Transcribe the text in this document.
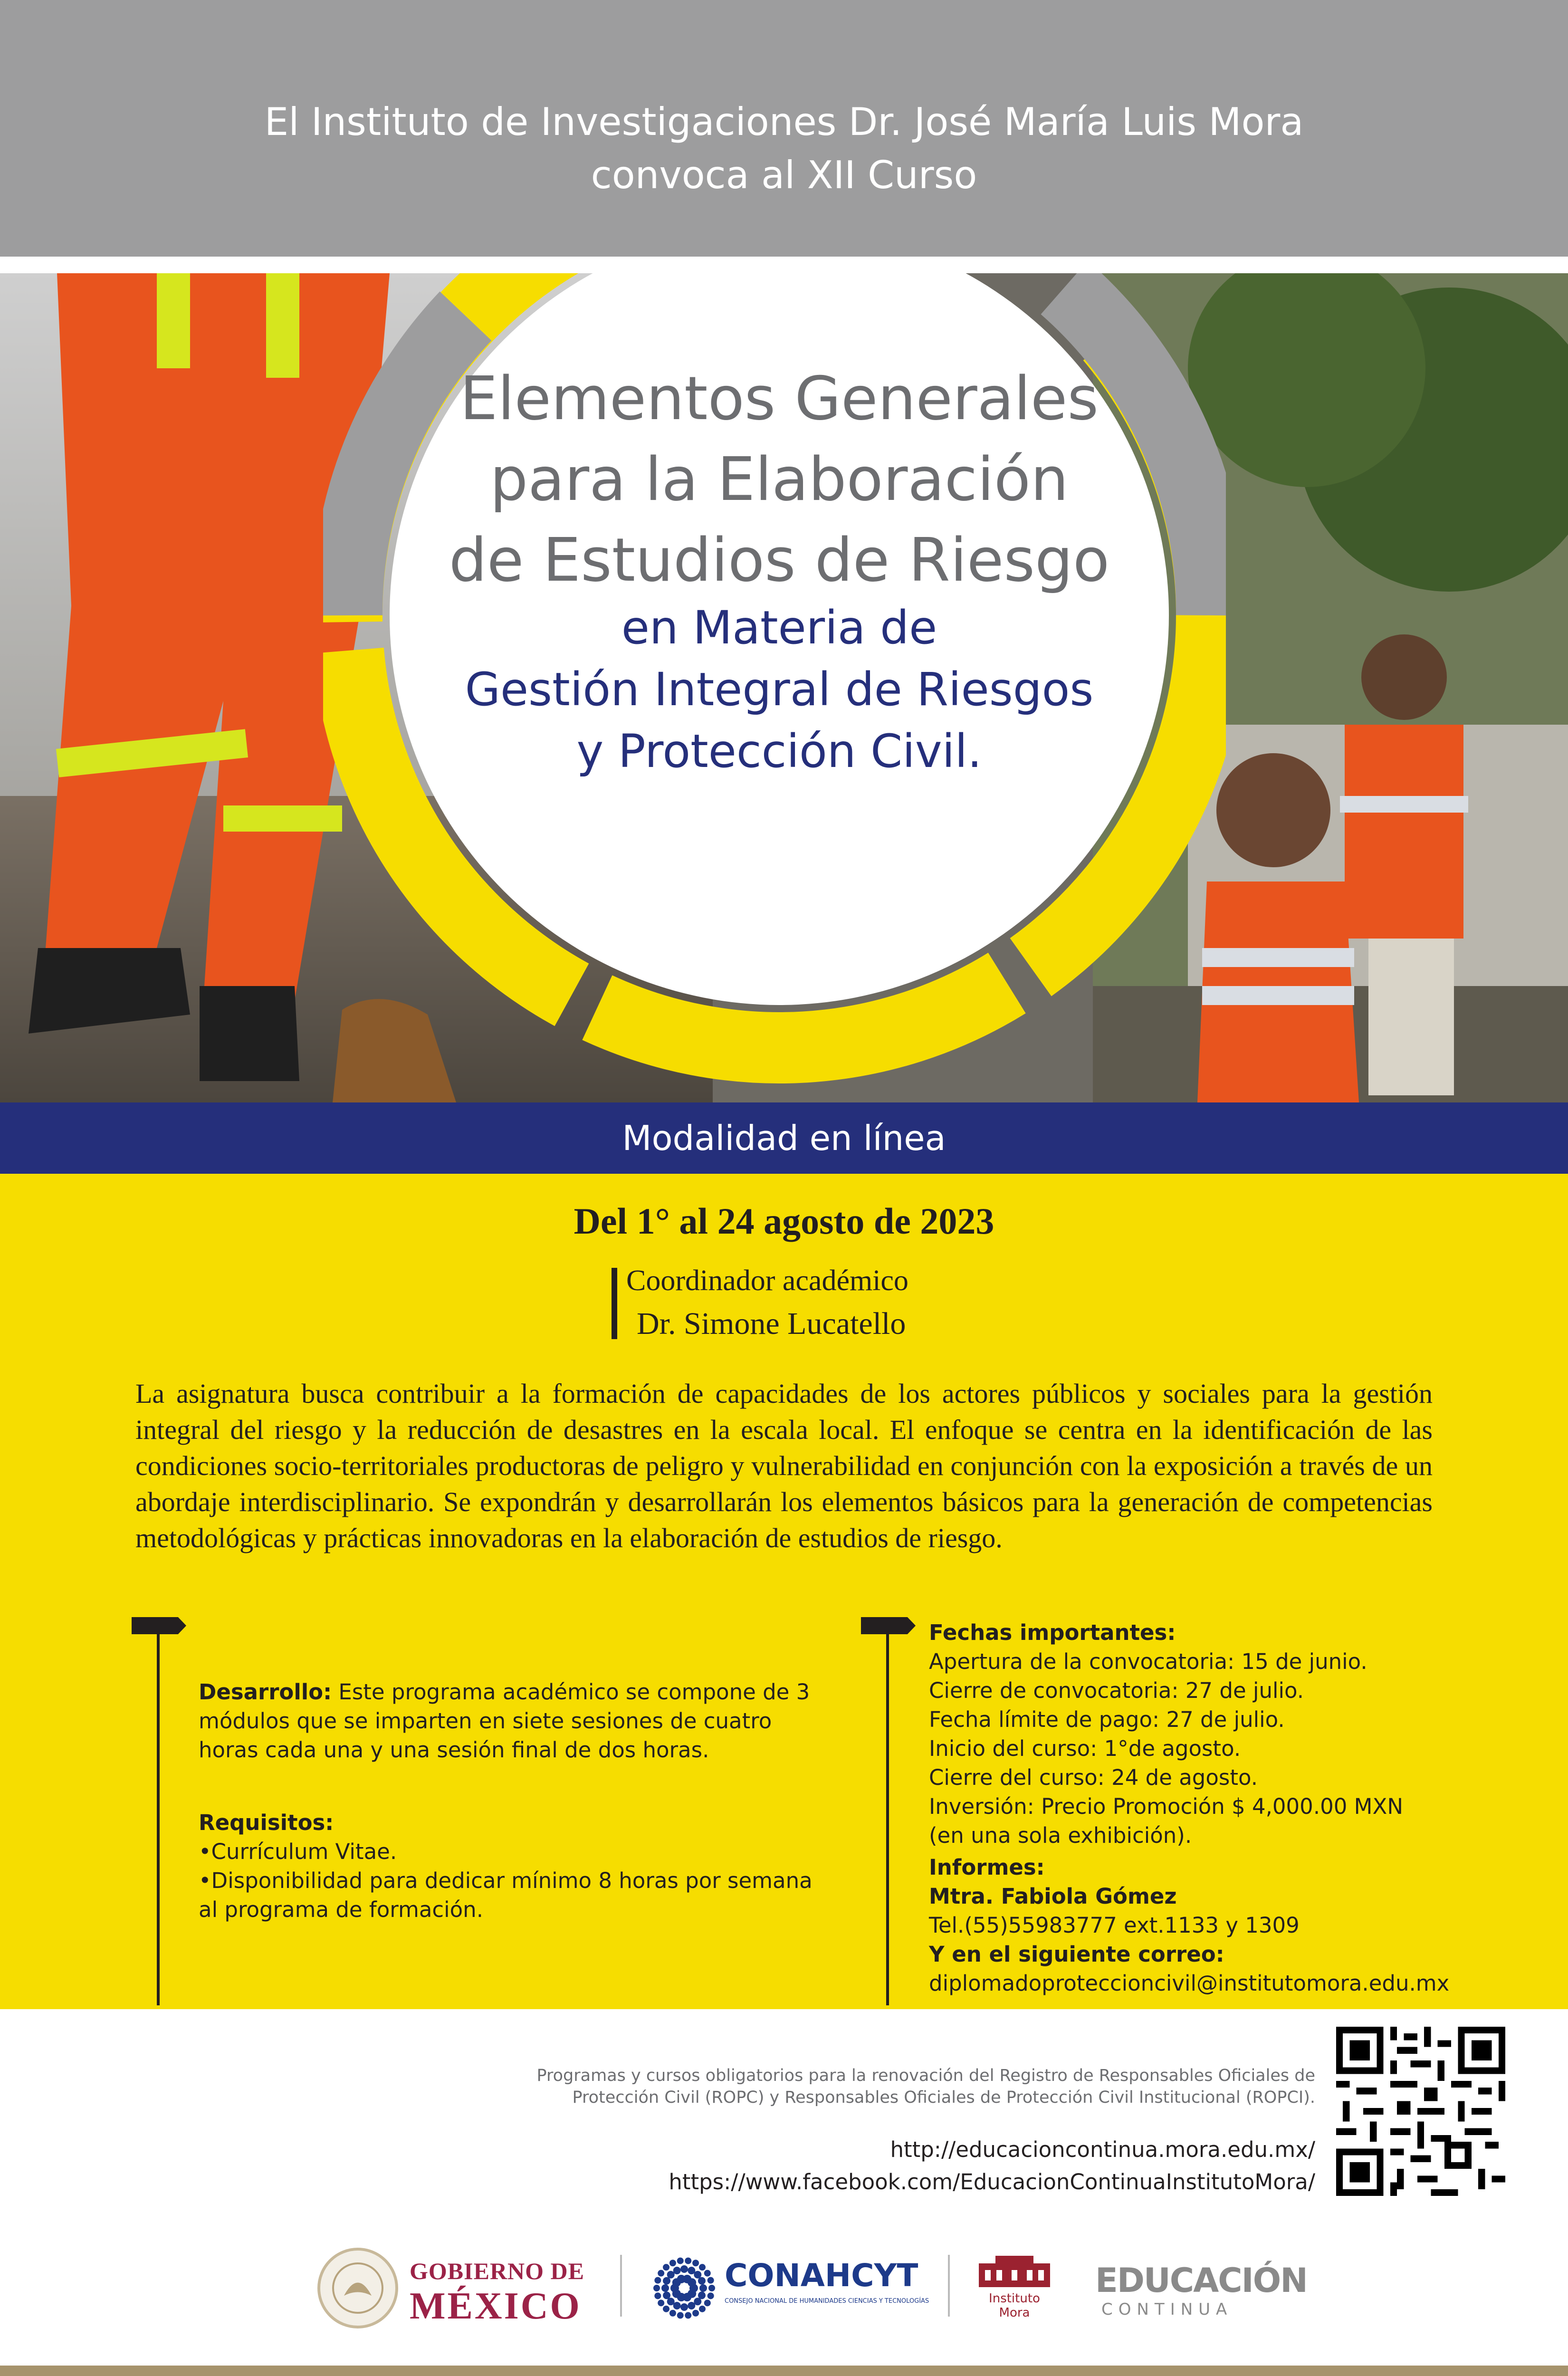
El Instituto de Investigaciones Dr. José María Luis Mora
convoca al XII Curso
Elementos Generales
para la Elaboración
de Estudios de Riesgo
en Materia de
Gestión Integral de Riesgos
y Protección Civil.
Modalidad en línea
Del 1° al 24 agosto de 2023
Coordinador académico
Dr. Simone Lucatello
La asignatura busca contribuir a la formación de capacidades de los actores públicos y sociales para la gestión integral del riesgo y la reducción de desastres en la escala local. El enfoque se centra en la identificación de las condiciones socio-territoriales productoras de peligro y vulnerabilidad en conjunción con la exposición a través de un abordaje interdisciplinario. Se expondrán y desarrollarán los elementos básicos para la generación de competencias metodológicas y prácticas innovadoras en la elaboración de estudios de riesgo.
Desarrollo: Este programa académico se compone de 3 módulos que se imparten en siete sesiones de cuatro horas cada una y una sesión final de dos horas.
Requisitos:
•Currículum Vitae.
•Disponibilidad para dedicar mínimo 8 horas por semana al programa de formación.
Fechas importantes:
Apertura de la convocatoria: 15 de junio.
Cierre de convocatoria: 27 de julio.
Fecha límite de pago: 27 de julio.
Inicio del curso: 1°de agosto.
Cierre del curso: 24 de agosto.
Inversión: Precio Promoción $ 4,000.00 MXN
(en una sola exhibición).
Informes:
Mtra. Fabiola Gómez
Tel.(55)55983777 ext.1133 y 1309
Y en el siguiente correo:
diplomadoproteccioncivil@institutomora.edu.mx
Programas y cursos obligatorios para la renovación del Registro de Responsables Oficiales de Protección Civil (ROPC) y Responsables Oficiales de Protección Civil Institucional (ROPCI).
http://educacioncontinua.mora.edu.mx/
https://www.facebook.com/EducacionContinuaInstitutoMora/
GOBIERNO DE
MÉXICO
CONAHCYT
CONSEJO NACIONAL DE HUMANIDADES CIENCIAS Y TECNOLOGÍAS	Instituto
Mora
EDUCACIÓN
CONTINUA
